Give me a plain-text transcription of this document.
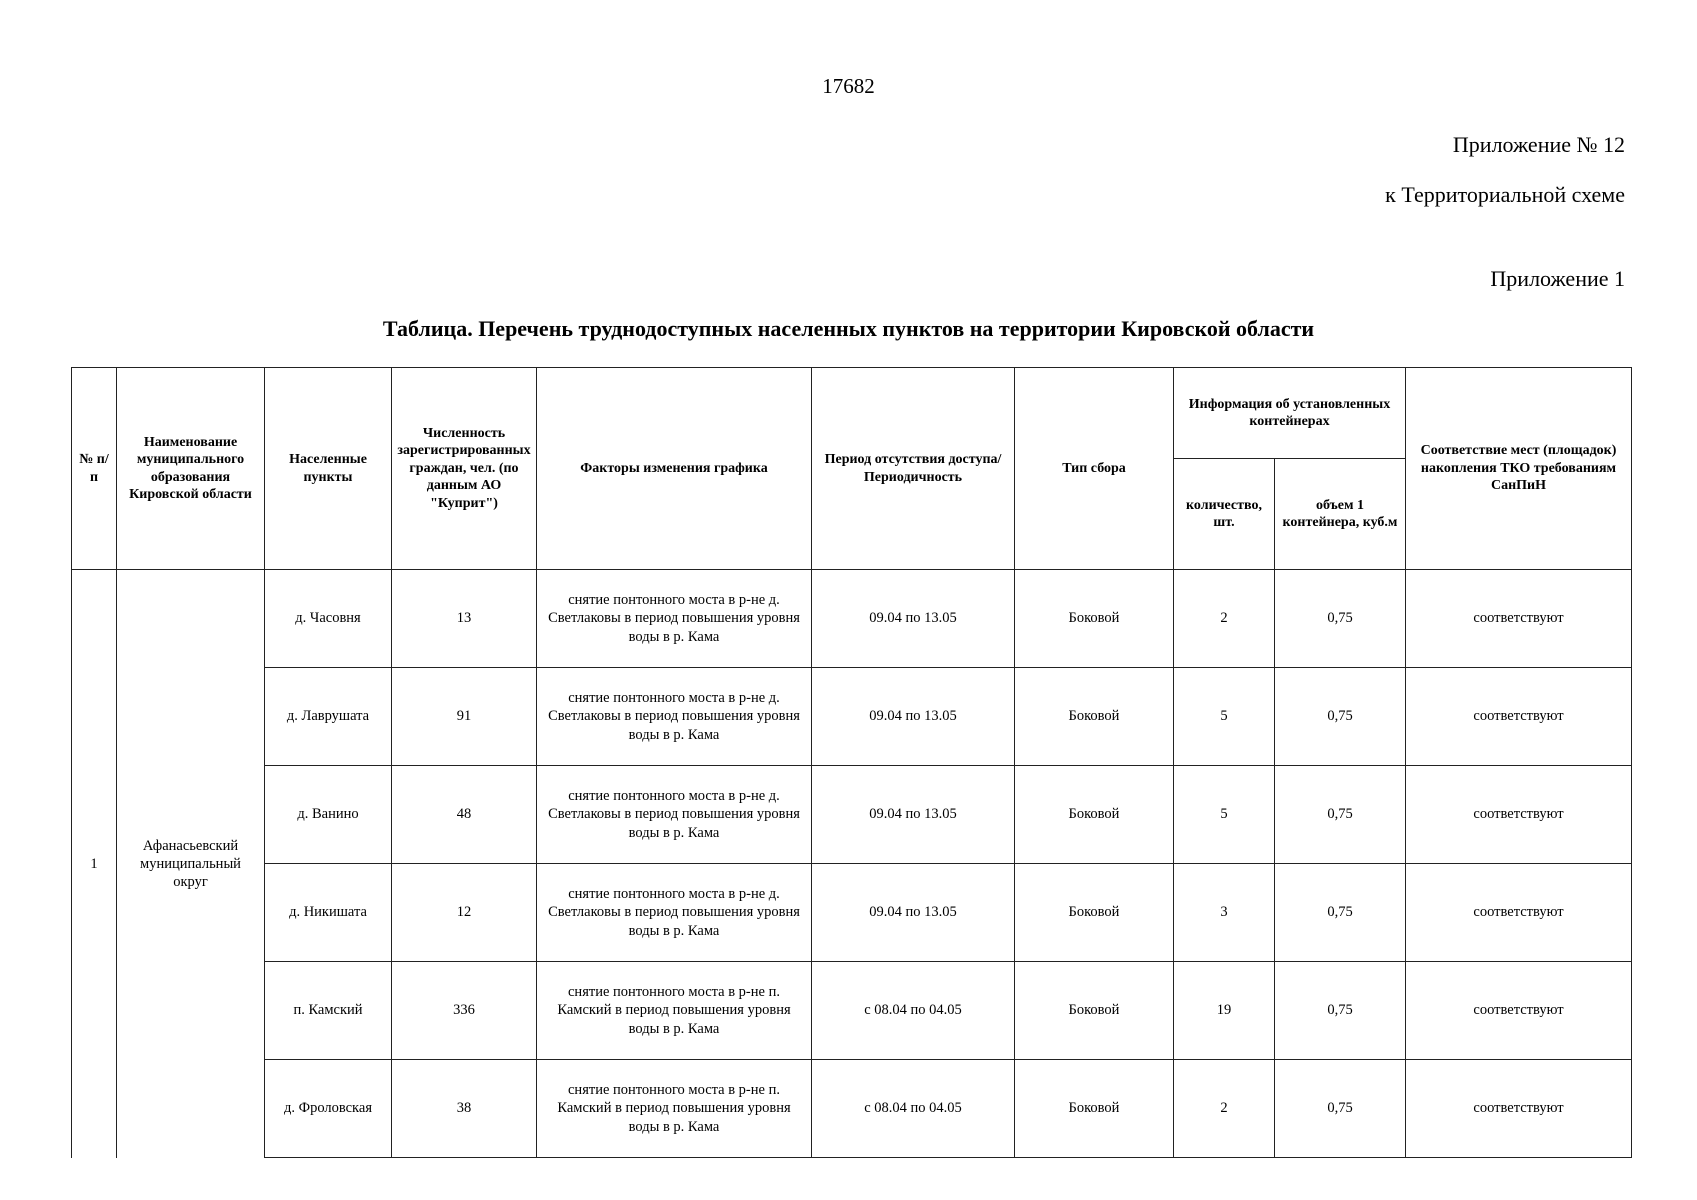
17682
Приложение № 12
к Территориальной схеме
Приложение 1
Таблица. Перечень труднодоступных населенных пунктов на территории Кировской области
№ п/п	Наименование муниципального образования Кировской области	Населенные пункты	Численность зарегистрированных граждан, чел. (по данным АО "Куприт")	Факторы изменения графика	Период отсутствия доступа/Периодичность	Тип сбора	Информация об установленных контейнерах		Соответствие мест (площадок) накопления ТКО требованиям СанПиН
							количество, шт.	объем 1 контейнера, куб.м	
1	Афанасьевский муниципальный округ	д. Часовня	13	снятие понтонного моста в р-не д. Светлаковы в период повышения уровня воды в р. Кама	09.04 по 13.05	Боковой	2	0,75	соответствуют
		д. Лаврушата	91	снятие понтонного моста в р-не д. Светлаковы в период повышения уровня воды в р. Кама	09.04 по 13.05	Боковой	5	0,75	соответствуют
		д. Ванино	48	снятие понтонного моста в р-не д. Светлаковы в период повышения уровня воды в р. Кама	09.04 по 13.05	Боковой	5	0,75	соответствуют
		д. Никишата	12	снятие понтонного моста в р-не д. Светлаковы в период повышения уровня воды в р. Кама	09.04 по 13.05	Боковой	3	0,75	соответствуют
		п. Камский	336	снятие понтонного моста в р-не п. Камский в период повышения уровня воды в р. Кама	с 08.04 по 04.05	Боковой	19	0,75	соответствуют
		д. Фроловская	38	снятие понтонного моста в р-не п. Камский в период повышения уровня воды в р. Кама	с 08.04 по 04.05	Боковой	2	0,75	соответствуют
